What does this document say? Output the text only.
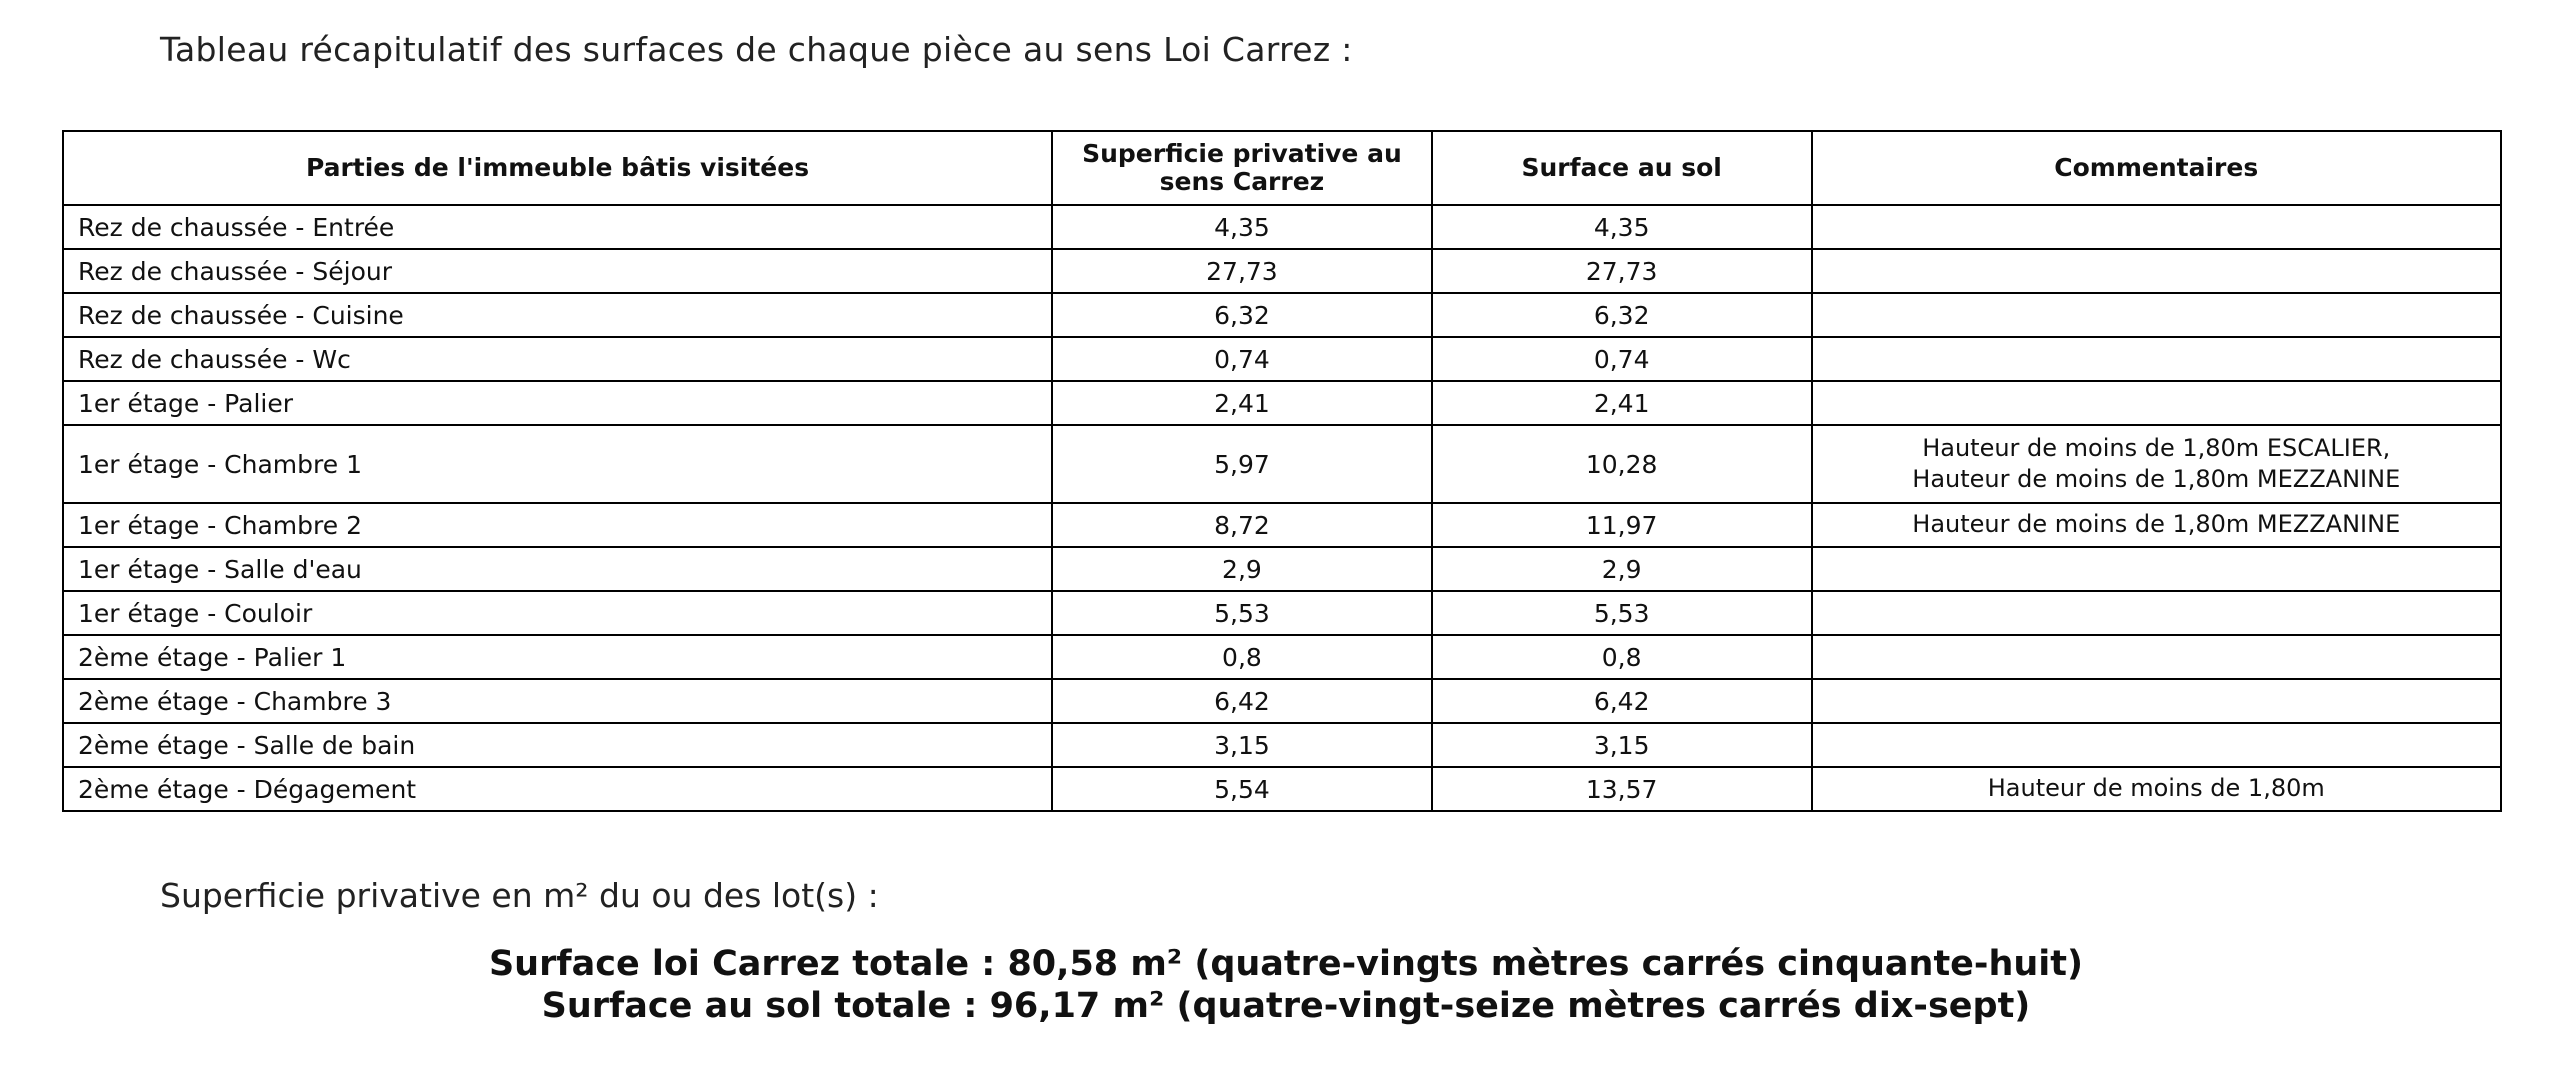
Tableau récapitulatif des surfaces de chaque pièce au sens Loi Carrez :
Parties de l'immeuble bâtis visitées	Superficie privative au sens Carrez	Surface au sol	Commentaires
Rez de chaussée - Entrée	4,35	4,35	
Rez de chaussée - Séjour	27,73	27,73	
Rez de chaussée - Cuisine	6,32	6,32	
Rez de chaussée - Wc	0,74	0,74	
1er étage - Palier	2,41	2,41	
1er étage - Chambre 1	5,97	10,28	Hauteur de moins de 1,80m ESCALIER,
Hauteur de moins de 1,80m MEZZANINE

1er étage - Chambre 2	8,72	11,97	Hauteur de moins de 1,80m MEZZANINE
1er étage - Salle d'eau	2,9	2,9	
1er étage - Couloir	5,53	5,53	
2ème étage - Palier 1	0,8	0,8	
2ème étage - Chambre 3	6,42	6,42	
2ème étage - Salle de bain	3,15	3,15	
2ème étage - Dégagement	5,54	13,57	Hauteur de moins de 1,80m
Superficie privative en m² du ou des lot(s) :
Surface loi Carrez totale : 80,58 m² (quatre-vingts mètres carrés cinquante-huit)
Surface au sol totale : 96,17 m² (quatre-vingt-seize mètres carrés dix-sept)
